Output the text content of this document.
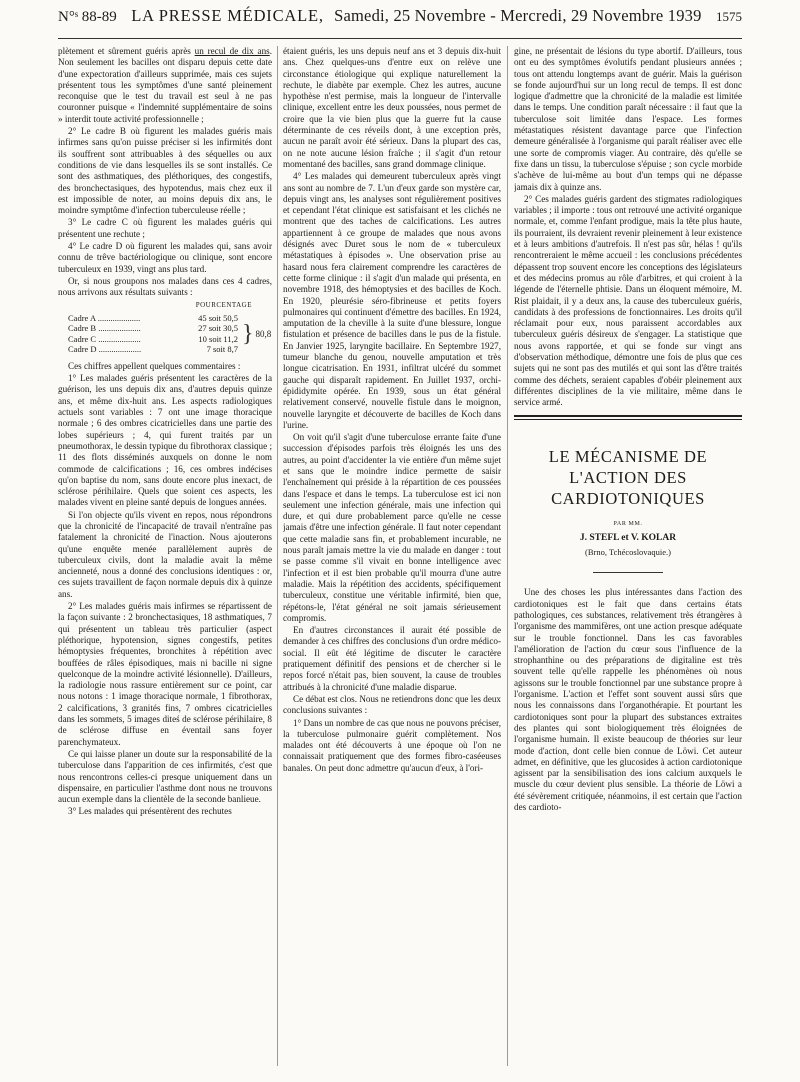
N°ˢ 88-89 LA PRESSE MÉDICALE, Samedi, 25 Novembre - Mercredi, 29 Novembre 1939 1575

plètement et sûrement guéris après un recul de dix ans. Non seulement les bacilles ont disparu depuis cette date d'une expectoration d'ailleurs supprimée, mais ces sujets présentent tous les symptômes d'une santé pleinement reconquise que le test du travail est seul à ne pas couronner puisque « l'indemnité supplémentaire de soins » interdit toute activité professionnelle ;

2° Le cadre B où figurent les malades guéris mais infirmes sans qu'on puisse préciser si les infirmités dont ils souffrent sont attribuables à des séquelles ou aux conditions de vie dans lesquelles ils se sont installés. Ce sont des asthmatiques, des pléthoriques, des congestifs, des bronchectasiques, des hypotendus, mais chez eux il est impossible de noter, au moins depuis dix ans, le moindre symptôme d'infection tuberculeuse réelle ;

3° Le cadre C où figurent les malades guéris qui présentent une rechute ;

4° Le cadre D où figurent les malades qui, sans avoir connu de trêve bactériologique ou clinique, sont encore tuberculeux en 1939, vingt ans plus tard.

Or, si nous groupons nos malades dans ces 4 cadres, nous arrivons aux résultats suivants :

POURCENTAGE
Cadre A ....................	45 soit 50,5
Cadre B ....................	27 soit 30,5
Cadre C ....................	10 soit 11,2
Cadre D ....................	7 soit 8,7
} 80,8

Ces chiffres appellent quelques commentaires :

1° Les malades guéris présentent les caractères de la guérison, les uns depuis dix ans, d'autres depuis quinze ans, et même dix-huit ans. Les aspects radiologiques actuels sont variables : 7 ont une image thoracique normale ; 6 des ombres cicatricielles dans une partie des lobes supérieurs ; 4, qui furent traités par un pneumothorax, le dessin typique du fibrothorax classique ; 11 des flots disséminés auxquels on donne le nom commode de calcifications ; 16, ces ombres indécises qu'on baptise du nom, sans doute encore plus inexact, de sclérose périhilaire. Quels que soient ces aspects, les malades vivent en pleine santé depuis de longues années.

Si l'on objecte qu'ils vivent en repos, nous répondrons que la chronicité de l'incapacité de travail n'entraîne pas fatalement la chronicité de l'inaction. Nous ajouterons qu'une enquête menée parallèlement auprès de tuberculeux civils, dont la maladie avait la même ancienneté, nous a donné des conclusions identiques : or, ces sujets travaillent de façon normale depuis dix à quinze ans.

2° Les malades guéris mais infirmes se répartissent de la façon suivante : 2 bronchectasiques, 18 asthmatiques, 7 qui présentent un tableau très particulier (aspect pléthorique, hypotension, signes congestifs, petites hémoptysies fréquentes, bronchites à répétition avec bouffées de râles épisodiques, mais ni bacille ni signe quelconque de la moindre activité lésionnelle). D'ailleurs, la radiologie nous rassure entièrement sur ce point, car nous notons : 1 image thoracique normale, 1 fibrothorax, 2 calcifications, 3 granités fins, 7 ombres cicatricielles dans les sommets, 5 images diteś de sclérose périhilaire, 8 de sclérose diffuse en éventail sans foyer parenchymateux.

Ce qui laisse planer un doute sur la responsabilité de la tuberculose dans l'apparition de ces infirmités, c'est que nous rencontrons celles-ci presque uniquement dans un dispensaire, en particulier l'asthme dont nous ne trouvons aucun exemple dans la clientèle de la seconde banlieue.

3° Les malades qui présentèrent des rechutes

étaient guéris, les uns depuis neuf ans et 3 depuis dix-huit ans. Chez quelques-uns d'entre eux on relève une circonstance étiologique qui explique naturellement la rechute, le diabète par exemple. Chez les autres, aucune hypothèse n'est permise, mais la longueur de l'intervalle clinique, excellent entre les deux poussées, nous permet de croire que la vie bien plus que la guerre fut la cause déterminante de ces réveils dont, à une exception près, aucun ne paraît avoir été sérieux. Dans la plupart des cas, on ne note aucune lésion fraîche ; il s'agit d'un retour momentané des bacilles, sans grand dommage clinique.

4° Les malades qui demeurent tuberculeux après vingt ans sont au nombre de 7. L'un d'eux garde son mystère car, depuis vingt ans, les analyses sont régulièrement positives et cependant l'état clinique est satisfaisant et les clichés ne montrent que des taches de calcifications. Les autres appartiennent à ce groupe de malades que nous avons désignés avec Duret sous le nom de « tuberculeux métastatiques à épisodes ». Une observation prise au hasard nous fera clairement comprendre les caractères de cette forme clinique : il s'agit d'un malade qui présenta, en novembre 1918, des hémoptysies et des bacilles de Koch. En 1920, pleurésie séro-fibrineuse et petits foyers pulmonaires qui continuent d'émettre des bacilles. En 1924, amputation de la cheville à la suite d'une blessure, longue fistulation et présence de bacilles dans le pus de la fistule. En Janvier 1925, laryngite bacillaire. En Septembre 1927, tumeur blanche du genou, nouvelle amputation et très longue cicatrisation. En 1931, infiltrat ulcéré du sommet gauche qui disparaît rapidement. En Juillet 1937, orchi-épididymite opérée. En 1939, sous un état général relativement conservé, nouvelle fistule dans le moignon, nouvelle laryngite et découverte de bacilles de Koch dans l'urine.

On voit qu'il s'agit d'une tuberculose errante faite d'une succession d'épisodes parfois très éloignés les uns des autres, au point d'accidenter la vie entière d'un même sujet et sans que le moindre indice permette de saisir l'enchaînement qui préside à la répartition de ces poussées dans l'espace et dans le temps. La tuberculose est ici non seulement une infection générale, mais une infection qui dure, et qui dure probablement parce qu'elle ne cesse jamais d'être une infection générale. Il faut noter cependant que cette maladie sans fin, et probablement incurable, ne nous paraît jamais mettre la vie du malade en danger : tout se passe comme s'il vivait en bonne intelligence avec l'infection et il est bien probable qu'il mourra d'une autre maladie. Mais la répétition des accidents, spécifiquement tuberculeux, constitue une véritable infirmité, bien que, répétons-le, l'état général ne soit jamais sérieusement compromis.

En d'autres circonstances il aurait été possible de demander à ces chiffres des conclusions d'un ordre médico-social. Il eût été légitime de discuter le caractère pratiquement définitif des pensions et de chercher si le repos forcé n'était pas, bien souvent, la cause de troubles attribués à la chronicité d'une maladie disparue.

Ce débat est clos. Nous ne retiendrons donc que les deux conclusions suivantes :

1° Dans un nombre de cas que nous ne pouvons préciser, la tuberculose pulmonaire guérit complètement. Nos malades ont été découverts à une époque où l'on ne connaissait pratiquement que des formes fibro-caséeuses banales. On peut donc admettre qu'aucun d'eux, à l'ori-

gine, ne présentait de lésions du type abortif. D'ailleurs, tous ont eu des symptômes évolutifs pendant plusieurs années ; tous ont attendu longtemps avant de guérir. Mais la guérison se fonde aujourd'hui sur un long recul de temps. Il est donc logique d'admettre que la chronicité de la maladie est limitée dans le temps. Une condition paraît nécessaire : il faut que la tuberculose soit limitée dans l'espace. Les formes métastatiques résistent davantage parce que l'infection demeure généralisée à l'organisme qui paraît réaliser avec elle une sorte de compromis viager. Au contraire, dès qu'elle se fixe dans un tissu, la tuberculose s'épuise ; son cycle morbide s'achève de lui-même au bout d'un temps qui ne dépasse jamais dix à quinze ans.

2° Ces malades guéris gardent des stigmates radiologiques variables ; il importe : tous ont retrouvé une activité organique normale, et, comme l'enfant prodigue, mais la tête plus haute, ils pourraient, ils devraient revenir pleinement à leur existence et à leurs ambitions d'autrefois. Il n'est pas sûr, hélas ! qu'ils rencontreraient le même accueil : les conclusions précédentes dépassent trop souvent encore les conceptions des législateurs et des médecins promus au rôle d'arbitres, et qui croient à la légende de l'éternelle phtisie. Dans un éloquent mémoire, M. Rist plaidait, il y a deux ans, la cause des tuberculeux guéris, candidats à des professions de fonctionnaires. Les droits qu'il réclamait pour eux, nous paraissent accordables aux tuberculeux guéris désireux de s'engager. La statistique que nous avons rapportée, et qui se fonde sur vingt ans d'observation méthodique, démontre une fois de plus que ces sujets qui ne sont pas des mutilés et qui sont las d'être traités comme des déchets, seraient capables d'obéir pleinement aux différentes disciplines de la vie militaire, même dans le service armé.

LE MÉCANISME DE L'ACTION DES CARDIOTONIQUES
PAR MM.
J. STEFL et V. KOLAR
(Brno, Tchécoslovaquie.)

Une des choses les plus intéressantes dans l'action des cardiotoniques est le fait que dans certains états pathologiques, ces substances, relativement très étrangères à l'organisme des mammifères, ont une action presque adéquate sur le trouble fonctionnel. Dans les cas favorables l'amélioration de l'action du cœur sous l'influence de la strophanthine ou des préparations de digitaline est très souvent telle qu'elle rappelle les phénomènes où nous agissons sur le trouble fonctionnel par une substance propre à l'organisme. L'action et l'effet sont souvent aussi sûrs que nous les connaissons dans l'organothérapie. Et pourtant les cardiotoniques sont pour la plupart des substances extraites des plantes qui sont biologiquement très éloignées de l'organisme humain. Il existe beaucoup de théories sur leur mode d'action, dont celle bien connue de Löwi. Cet auteur admet, en définitive, que les glucosides à action cardiotonique agissent par la sensibilisation des ions calcium auxquels le muscle du cœur devient plus sensible. La théorie de Löwi a été sévèrement critiquée, néanmoins, il est certain que l'action des cardioto-
